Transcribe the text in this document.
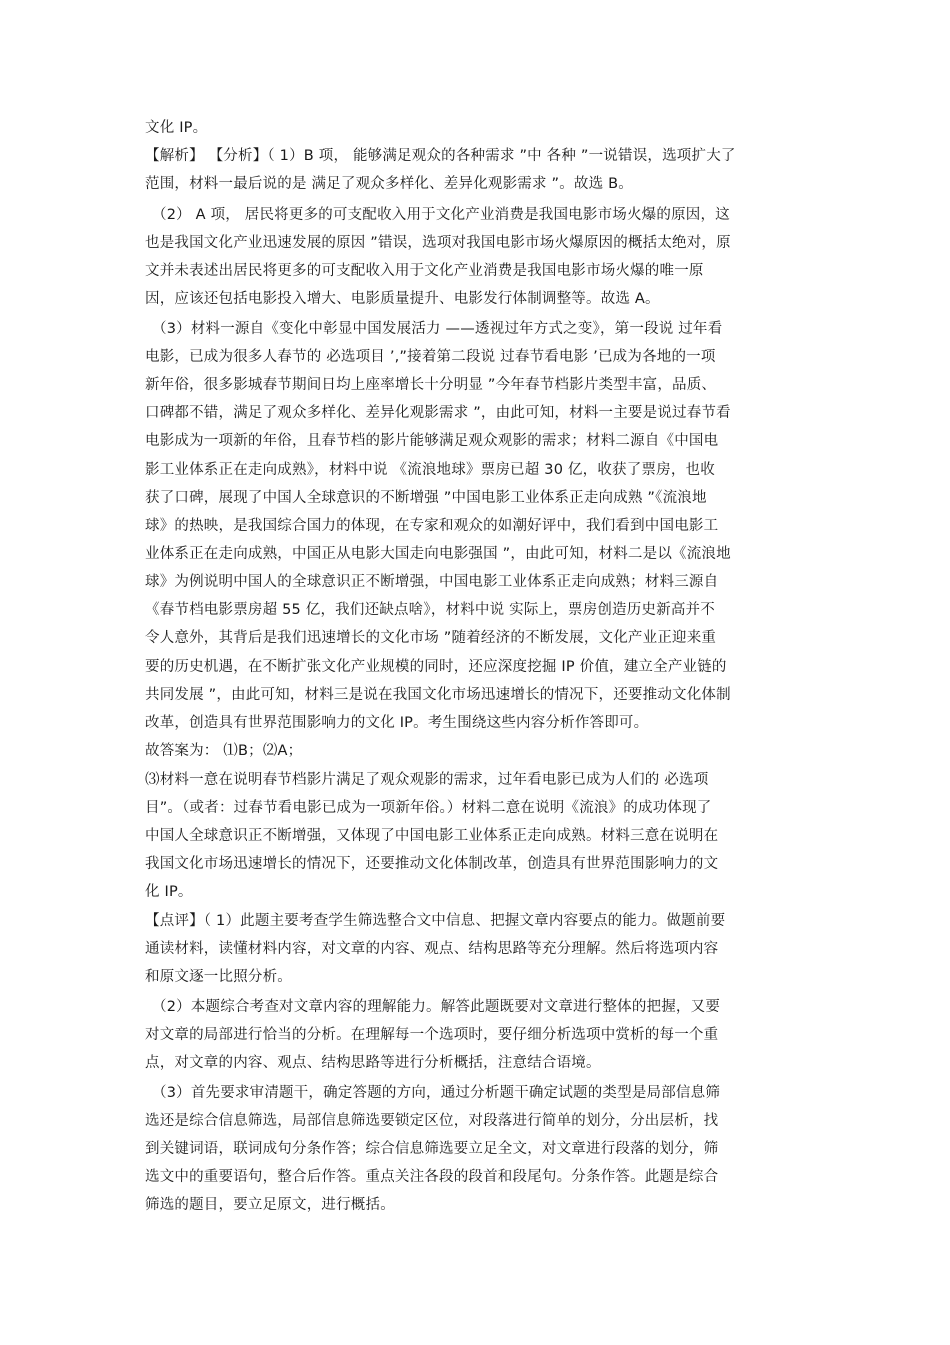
文化 IP。
【解析】 【分析】（ 1）B 项， 能够满足观众的各种需求 ”中 各种 ”一说错误，选项扩大了
范围，材料一最后说的是 满足了观众多样化、差异化观影需求 ”。故选 B。
（2） A 项， 居民将更多的可支配收入用于文化产业消费是我国电影市场火爆的原因，这
也是我国文化产业迅速发展的原因 ”错误，选项对我国电影市场火爆原因的概括太绝对，原
文并未表述出居民将更多的可支配收入用于文化产业消费是我国电影市场火爆的唯一原
因，应该还包括电影投入增大、电影质量提升、电影发行体制调整等。故选 A。
（3）材料一源自《变化中彰显中国发展活力 ——透视过年方式之变》，第一段说 过年看
电影，已成为很多人春节的 必选项目 ’,”接着第二段说 过春节看电影 ’已成为各地的一项
新年俗，很多影城春节期间日均上座率增长十分明显 ”今年春节档影片类型丰富，品质、
口碑都不错，满足了观众多样化、差异化观影需求 ”，由此可知，材料一主要是说过春节看
电影成为一项新的年俗，且春节档的影片能够满足观众观影的需求；材料二源自《中国电
影工业体系正在走向成熟》，材料中说 《流浪地球》票房已超 30 亿，收获了票房，也收
获了口碑，展现了中国人全球意识的不断增强 ”中国电影工业体系正走向成熟 ”《流浪地
球》的热映，是我国综合国力的体现，在专家和观众的如潮好评中，我们看到中国电影工
业体系正在走向成熟，中国正从电影大国走向电影强国 ”，由此可知，材料二是以《流浪地
球》为例说明中国人的全球意识正不断增强，中国电影工业体系正走向成熟；材料三源自
《春节档电影票房超 55 亿，我们还缺点啥》，材料中说 实际上，票房创造历史新高并不
令人意外，其背后是我们迅速增长的文化市场 ”随着经济的不断发展，文化产业正迎来重
要的历史机遇，在不断扩张文化产业规模的同时，还应深度挖掘 IP 价值，建立全产业链的
共同发展 ”，由此可知，材料三是说在我国文化市场迅速增长的情况下，还要推动文化体制
改革，创造具有世界范围影响力的文化 IP。考生围绕这些内容分析作答即可。
故答案为： ⑴B；⑵A；
⑶材料一意在说明春节档影片满足了观众观影的需求，过年看电影已成为人们的 必选项
目”。（或者：过春节看电影已成为一项新年俗。）材料二意在说明《流浪》的成功体现了
中国人全球意识正不断增强，又体现了中国电影工业体系正走向成熟。材料三意在说明在
我国文化市场迅速增长的情况下，还要推动文化体制改革，创造具有世界范围影响力的文
化 IP。
【点评】（ 1）此题主要考查学生筛选整合文中信息、把握文章内容要点的能力。做题前要
通读材料，读懂材料内容，对文章的内容、观点、结构思路等充分理解。然后将选项内容
和原文逐一比照分析。
（2）本题综合考查对文章内容的理解能力。解答此题既要对文章进行整体的把握，又要
对文章的局部进行恰当的分析。在理解每一个选项时，要仔细分析选项中赏析的每一个重
点，对文章的内容、观点、结构思路等进行分析概括，注意结合语境。
（3）首先要求审清题干，确定答题的方向，通过分析题干确定试题的类型是局部信息筛
选还是综合信息筛选，局部信息筛选要锁定区位，对段落进行简单的划分，分出层析，找
到关键词语，联词成句分条作答；综合信息筛选要立足全文，对文章进行段落的划分，筛
选文中的重要语句，整合后作答。重点关注各段的段首和段尾句。分条作答。此题是综合
筛选的题目，要立足原文，进行概括。
